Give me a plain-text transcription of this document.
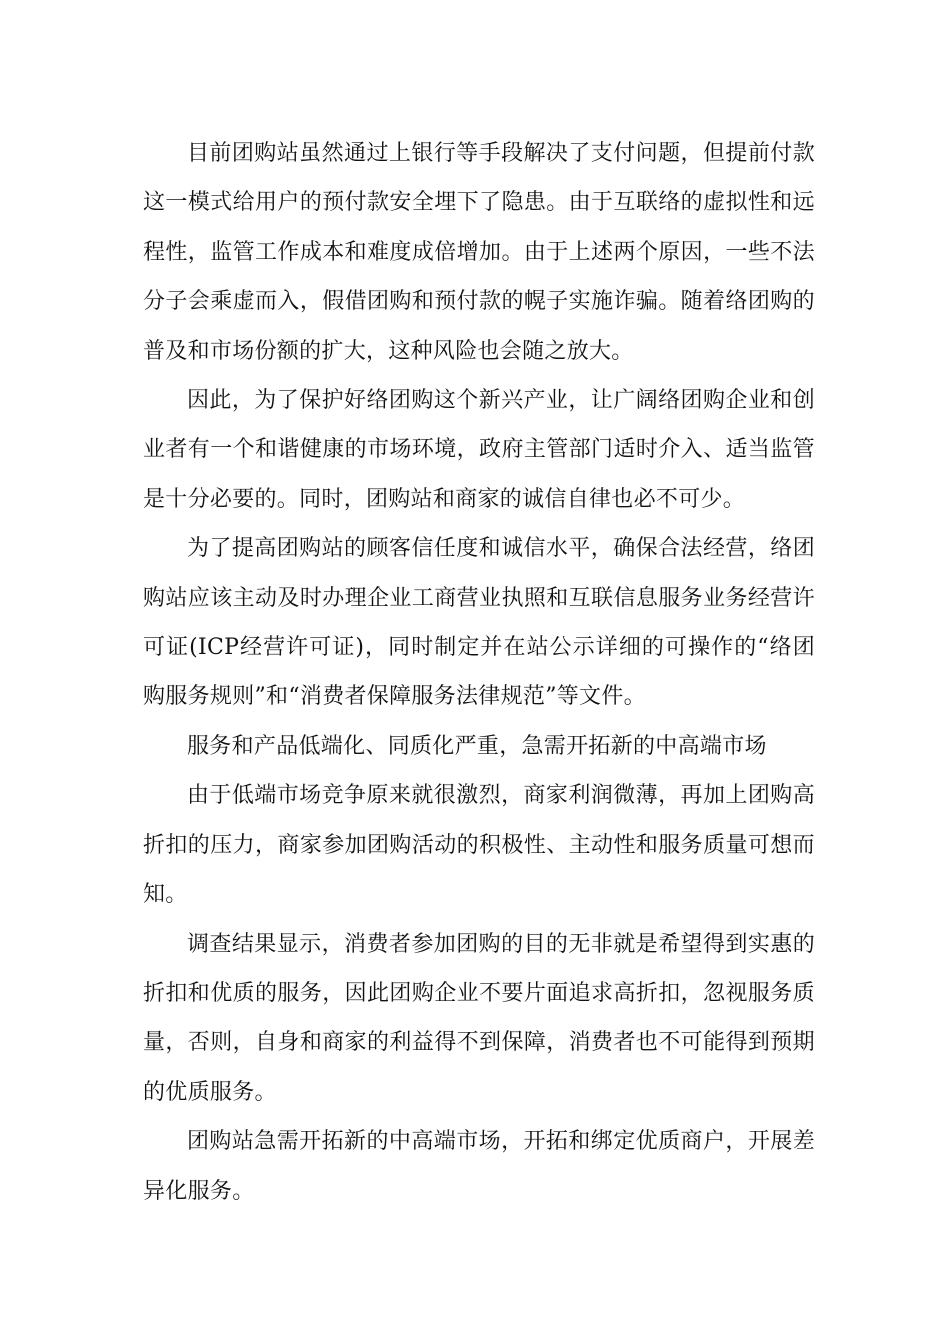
目前团购站虽然通过上银行等手段解决了支付问题，但提前付款这一模式给用户的预付款安全埋下了隐患。由于互联络的虚拟性和远程性，监管工作成本和难度成倍增加。由于上述两个原因，一些不法分子会乘虚而入，假借团购和预付款的幌子实施诈骗。随着络团购的普及和市场份额的扩大，这种风险也会随之放大。

因此，为了保护好络团购这个新兴产业，让广阔络团购企业和创业者有一个和谐健康的市场环境，政府主管部门适时介入、适当监管是十分必要的。同时，团购站和商家的诚信自律也必不可少。

为了提高团购站的顾客信任度和诚信水平，确保合法经营，络团购站应该主动及时办理企业工商营业执照和互联信息服务业务经营许可证(ICP经营许可证)，同时制定并在站公示详细的可操作的“络团购服务规则”和“消费者保障服务法律规范”等文件。

服务和产品低端化、同质化严重，急需开拓新的中高端市场

由于低端市场竞争原来就很激烈，商家利润微薄，再加上团购高折扣的压力，商家参加团购活动的积极性、主动性和服务质量可想而知。

调查结果显示，消费者参加团购的目的无非就是希望得到实惠的折扣和优质的服务，因此团购企业不要片面追求高折扣，忽视服务质量，否则，自身和商家的利益得不到保障，消费者也不可能得到预期的优质服务。

团购站急需开拓新的中高端市场，开拓和绑定优质商户，开展差异化服务。
